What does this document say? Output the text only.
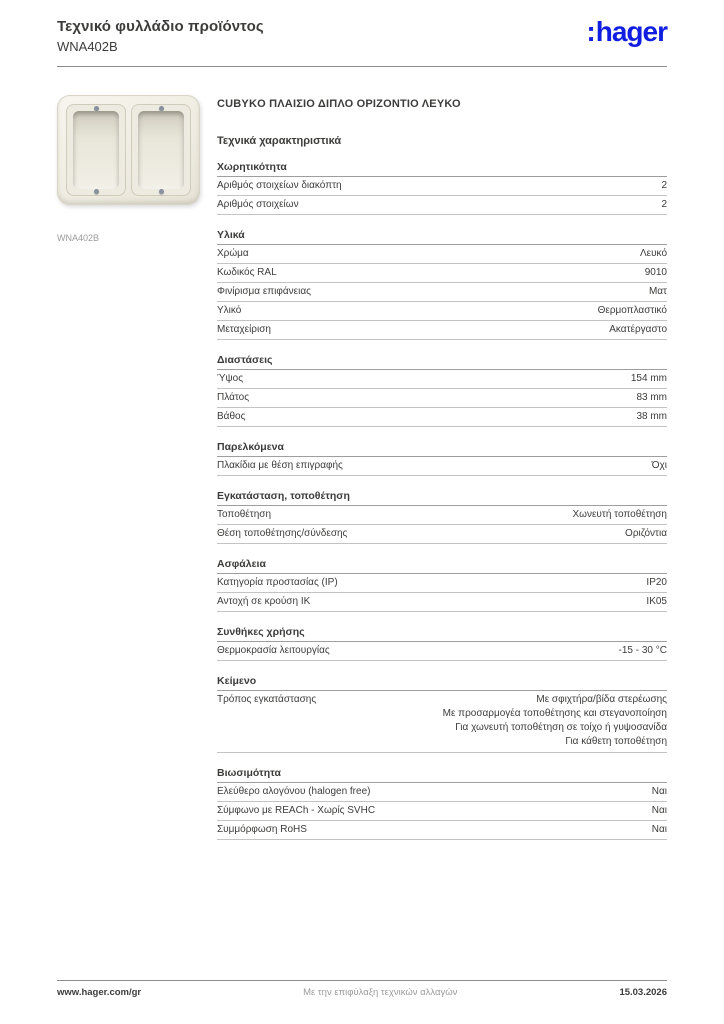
Τεχνικό φυλλάδιο προϊόντος
WNA402B	:hager
WNA402B
CUBYKO ΠΛΑΙΣΙΟ ΔΙΠΛΟ ΟΡΙΖΟΝΤΙΟ ΛΕΥΚΟ
Τεχνικά χαρακτηριστικά
Χωρητικότητα
Αριθμός στοιχείων διακόπτη	2
Αριθμός στοιχείων	2
Υλικά
Χρώμα	Λευκό
Κωδικός RAL	9010
Φινίρισμα επιφάνειας	Ματ
Υλικό	Θερμοπλαστικό
Μεταχείριση	Ακατέργαστο
Διαστάσεις
Ύψος	154 mm
Πλάτος	83 mm
Βάθος	38 mm
Παρελκόμενα
Πλακίδια με θέση επιγραφής	Όχι
Εγκατάσταση, τοποθέτηση
Τοποθέτηση	Χωνευτή τοποθέτηση
Θέση τοποθέτησης/σύνδεσης	Οριζόντια
Ασφάλεια
Κατηγορία προστασίας (IP)	IP20
Αντοχή σε κρούση ΙΚ	IK05
Συνθήκες χρήσης
Θερμοκρασία λειτουργίας	-15 - 30 °C
Κείμενο
Τρόπος εγκατάστασης	Με σφιχτήρα/βίδα στερέωσης
Με προσαρμογέα τοποθέτησης και στεγανοποίηση
Για χωνευτή τοποθέτηση σε τοίχο ή γυψοσανίδα
Για κάθετη τοποθέτηση
Βιωσιμότητα
Ελεύθερο αλογόνου (halogen free)	Ναι
Σύμφωνο με REACh - Χωρίς SVHC	Ναι
Συμμόρφωση RoHS	Ναι
www.hager.com/gr	Με την επιφύλαξη τεχνικών αλλαγών	15.03.2026
